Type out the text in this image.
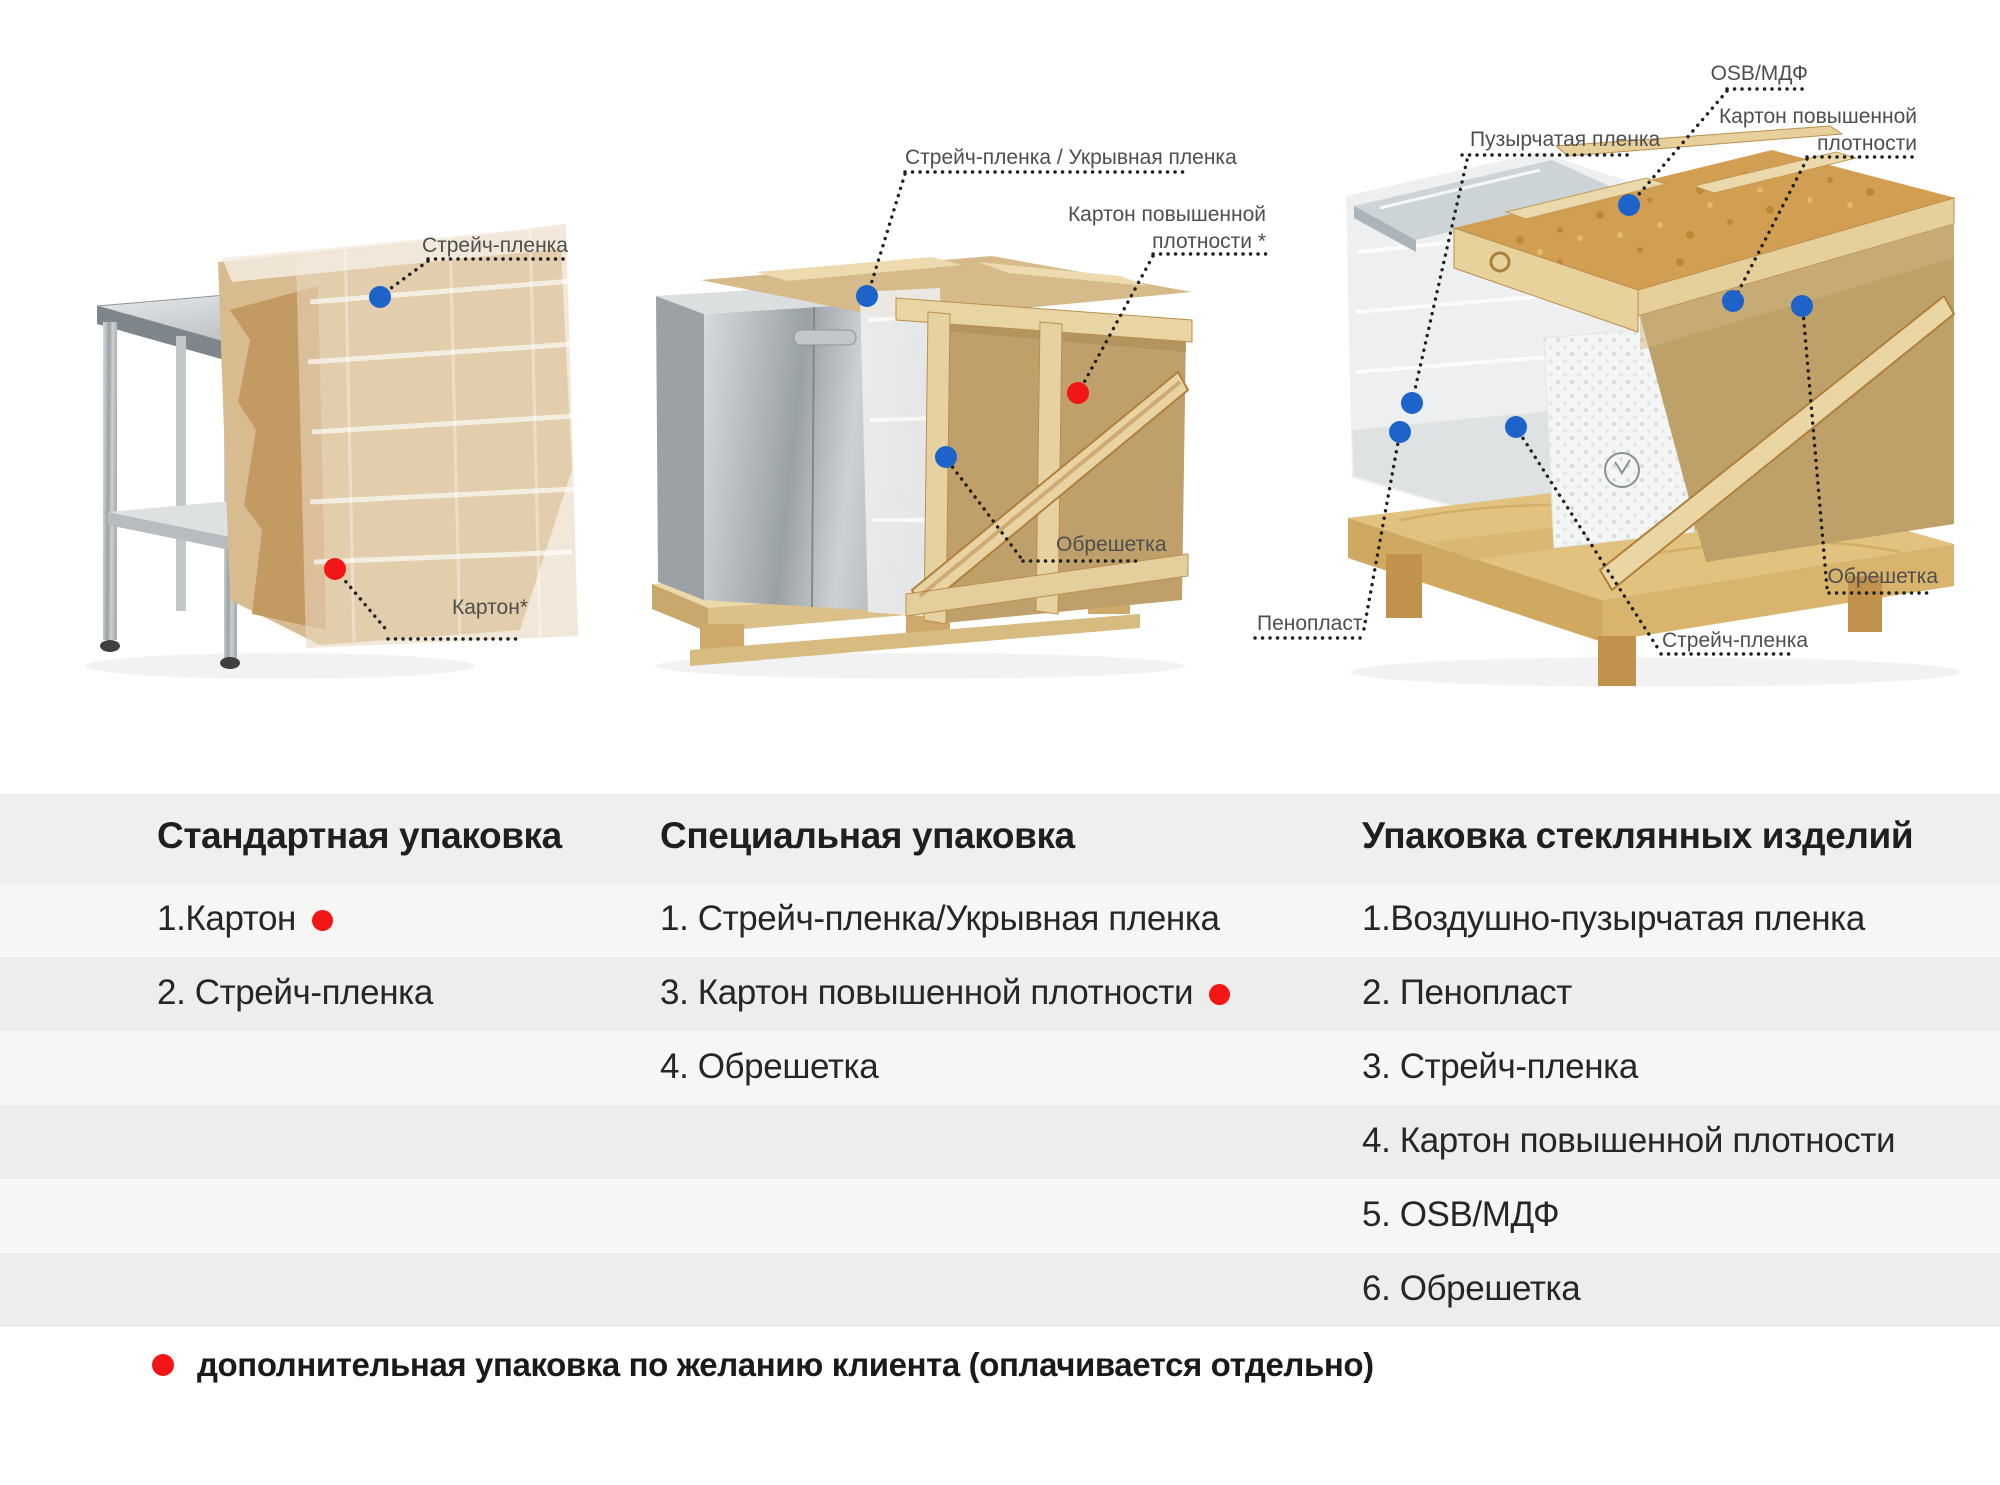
Стрейч-пленка
Картон*
Стрейч-пленка / Укрывная пленка
Картон повышенной плотности *
Обрешетка
Пузырчатая пленка
OSB/МДФ
Картон повышенной плотности
Пенопласт
Стрейч-пленка
Обрешетка
Стандартная упаковка	Специальная упаковка	Упаковка стеклянных изделий
1.Картон
2. Стрейч-пленка
1. Стрейч-пленка/Укрывная пленка
3. Картон повышенной плотности
4. Обрешетка
1.Воздушно-пузырчатая пленка
2. Пенопласт
3. Стрейч-пленка
4. Картон повышенной плотности
5. OSB/МДФ
6. Обрешетка
дополнительная упаковка по желанию клиента (оплачивается отдельно)
